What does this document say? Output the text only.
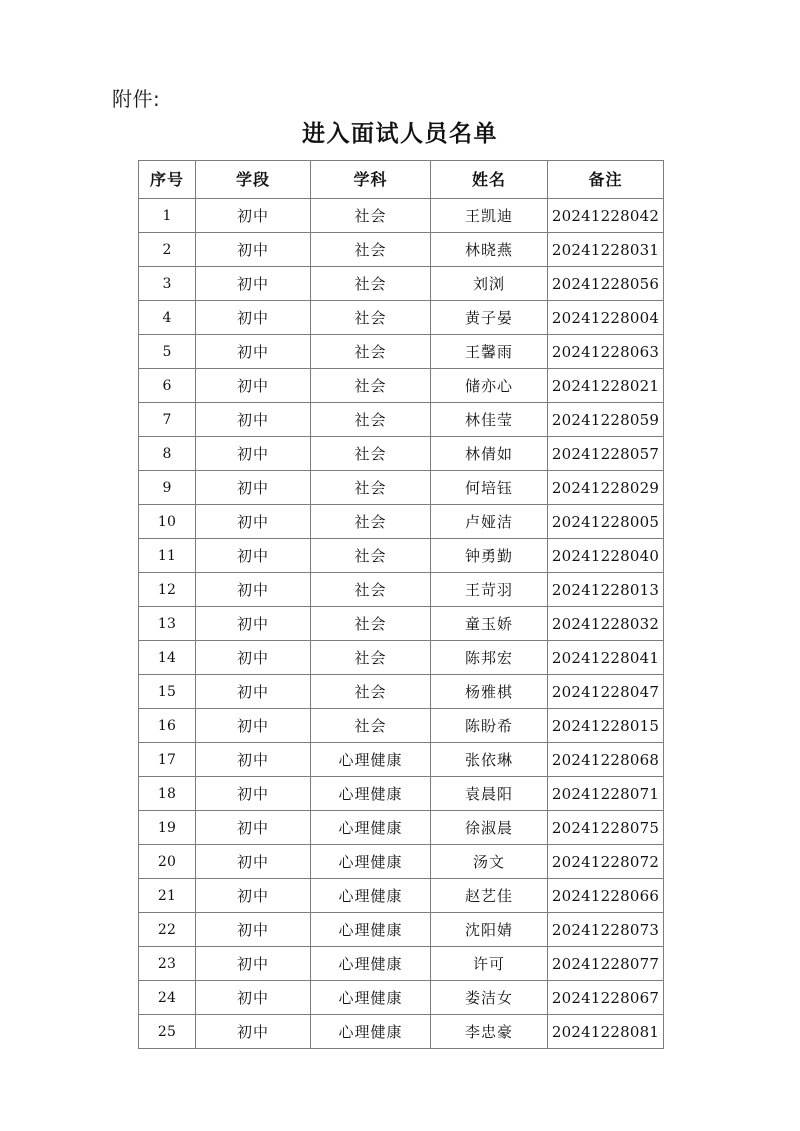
附件:
进入面试人员名单
序号	学段	学科	姓名	备注
1	初中	社会	王凯迪	20241228042
2	初中	社会	林晓燕	20241228031
3	初中	社会	刘浏	20241228056
4	初中	社会	黄子晏	20241228004
5	初中	社会	王馨雨	20241228063
6	初中	社会	储亦心	20241228021
7	初中	社会	林佳莹	20241228059
8	初中	社会	林倩如	20241228057
9	初中	社会	何培钰	20241228029
10	初中	社会	卢娅洁	20241228005
11	初中	社会	钟勇勤	20241228040
12	初中	社会	王苛羽	20241228013
13	初中	社会	童玉娇	20241228032
14	初中	社会	陈邦宏	20241228041
15	初中	社会	杨雅棋	20241228047
16	初中	社会	陈盼希	20241228015
17	初中	心理健康	张依琳	20241228068
18	初中	心理健康	袁晨阳	20241228071
19	初中	心理健康	徐淑晨	20241228075
20	初中	心理健康	汤文	20241228072
21	初中	心理健康	赵艺佳	20241228066
22	初中	心理健康	沈阳婧	20241228073
23	初中	心理健康	许可	20241228077
24	初中	心理健康	娄洁女	20241228067
25	初中	心理健康	李忠豪	20241228081
